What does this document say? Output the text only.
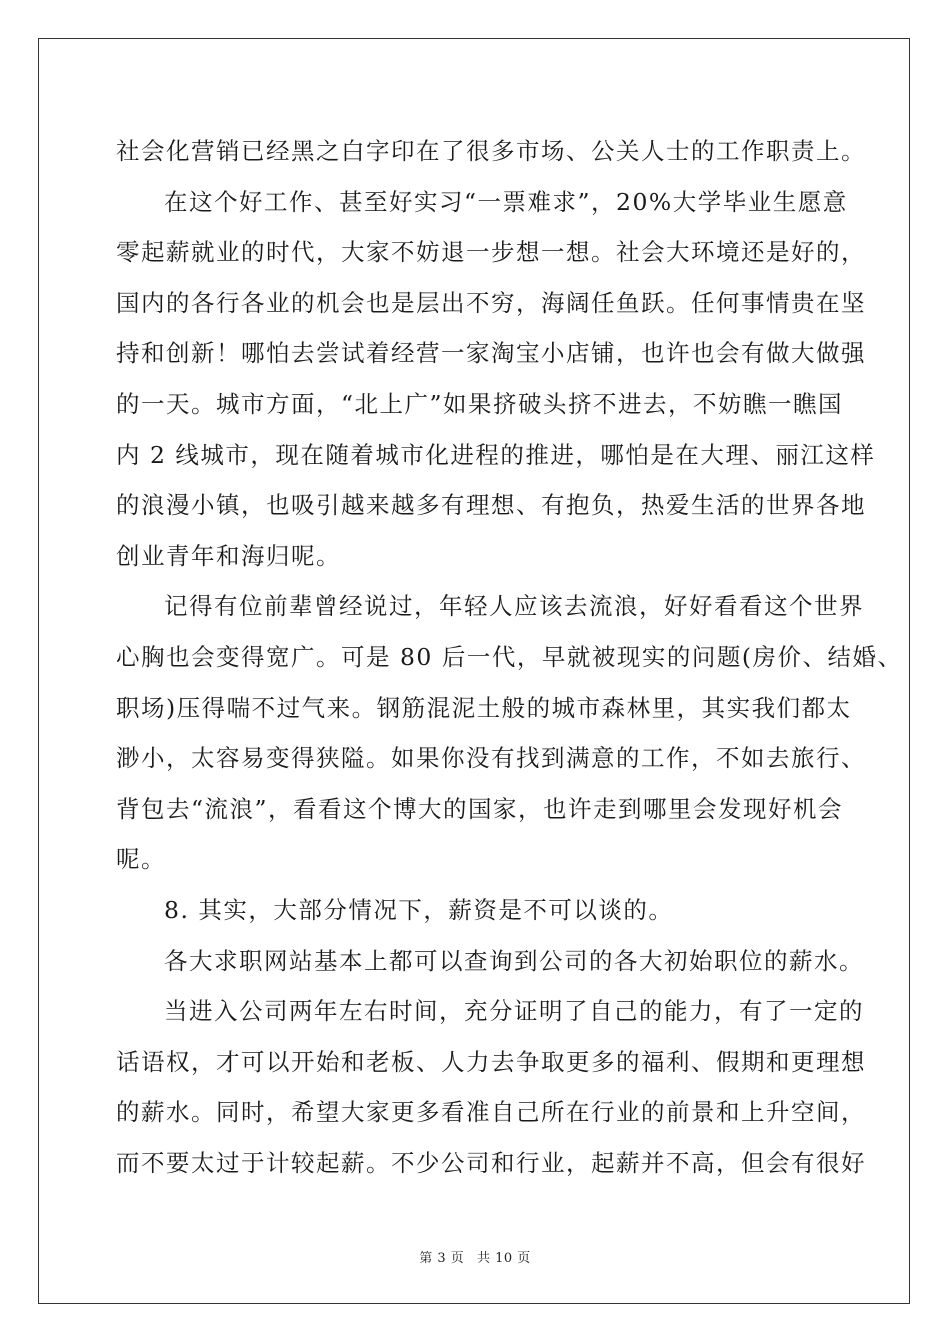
社会化营销已经黑之白字印在了很多市场、公关人士的工作职责上。
在这个好工作、甚至好实习“一票难求”，20%大学毕业生愿意
零起薪就业的时代，大家不妨退一步想一想。社会大环境还是好的，
国内的各行各业的机会也是层出不穷，海阔任鱼跃。任何事情贵在坚
持和创新！哪怕去尝试着经营一家淘宝小店铺，也许也会有做大做强
的一天。城市方面，“北上广”如果挤破头挤不进去，不妨瞧一瞧国
内 2 线城市，现在随着城市化进程的推进，哪怕是在大理、丽江这样
的浪漫小镇，也吸引越来越多有理想、有抱负，热爱生活的世界各地
创业青年和海归呢。
记得有位前辈曾经说过，年轻人应该去流浪，好好看看这个世界
心胸也会变得宽广。可是 80 后一代，早就被现实的问题(房价、结婚、
职场)压得喘不过气来。钢筋混泥土般的城市森林里，其实我们都太
渺小，太容易变得狭隘。如果你没有找到满意的工作，不如去旅行、
背包去“流浪”，看看这个博大的国家，也许走到哪里会发现好机会
呢。
8. 其实，大部分情况下，薪资是不可以谈的。
各大求职网站基本上都可以查询到公司的各大初始职位的薪水。
当进入公司两年左右时间，充分证明了自己的能力，有了一定的
话语权，才可以开始和老板、人力去争取更多的福利、假期和更理想
的薪水。同时，希望大家更多看准自己所在行业的前景和上升空间，
而不要太过于计较起薪。不少公司和行业，起薪并不高，但会有很好
第 3 页 共 10 页
